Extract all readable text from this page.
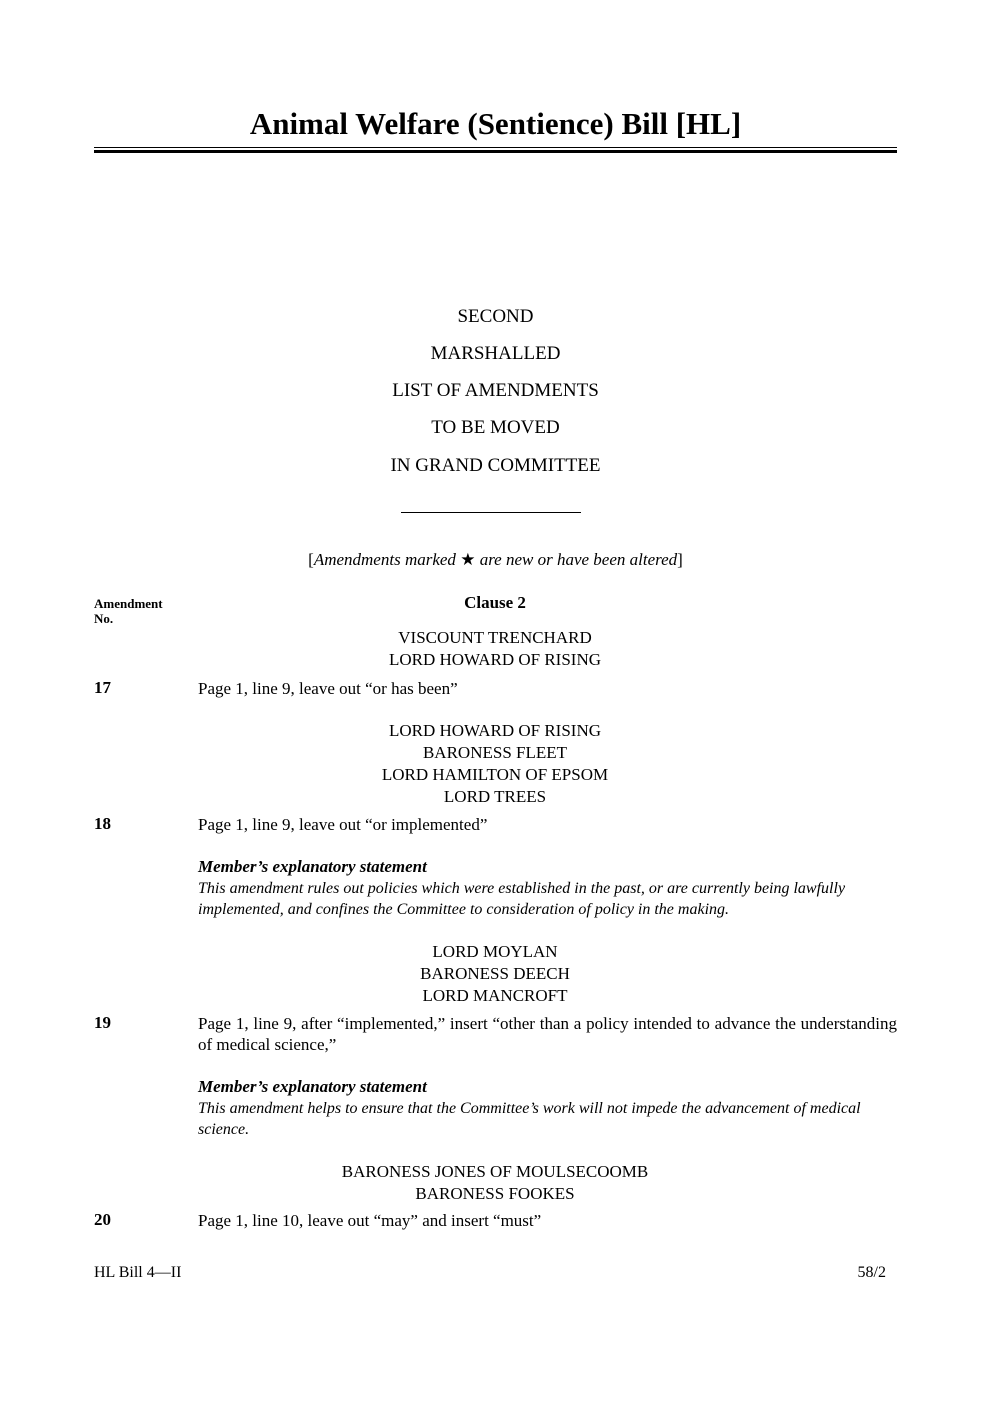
Animal Welfare (Sentience) Bill [HL]
SECOND
MARSHALLED
LIST OF AMENDMENTS
TO BE MOVED
IN GRAND COMMITTEE
[Amendments marked ★ are new or have been altered]
Amendment
No.
Clause 2
VISCOUNT TRENCHARD
LORD HOWARD OF RISING
17	Page 1, line 9, leave out “or has been”
LORD HOWARD OF RISING
BARONESS FLEET
LORD HAMILTON OF EPSOM
LORD TREES
18	Page 1, line 9, leave out “or implemented”
Member’s explanatory statement
This amendment rules out policies which were established in the past, or are currently being lawfully implemented, and confines the Committee to consideration of policy in the making.
LORD MOYLAN
BARONESS DEECH
LORD MANCROFT
19	Page 1, line 9, after “implemented,” insert “other than a policy intended to advance the understanding of medical science,”
Member’s explanatory statement
This amendment helps to ensure that the Committee’s work will not impede the advancement of medical science.
BARONESS JONES OF MOULSECOOMB
BARONESS FOOKES
20	Page 1, line 10, leave out “may” and insert “must”
HL Bill 4—II	58/2
